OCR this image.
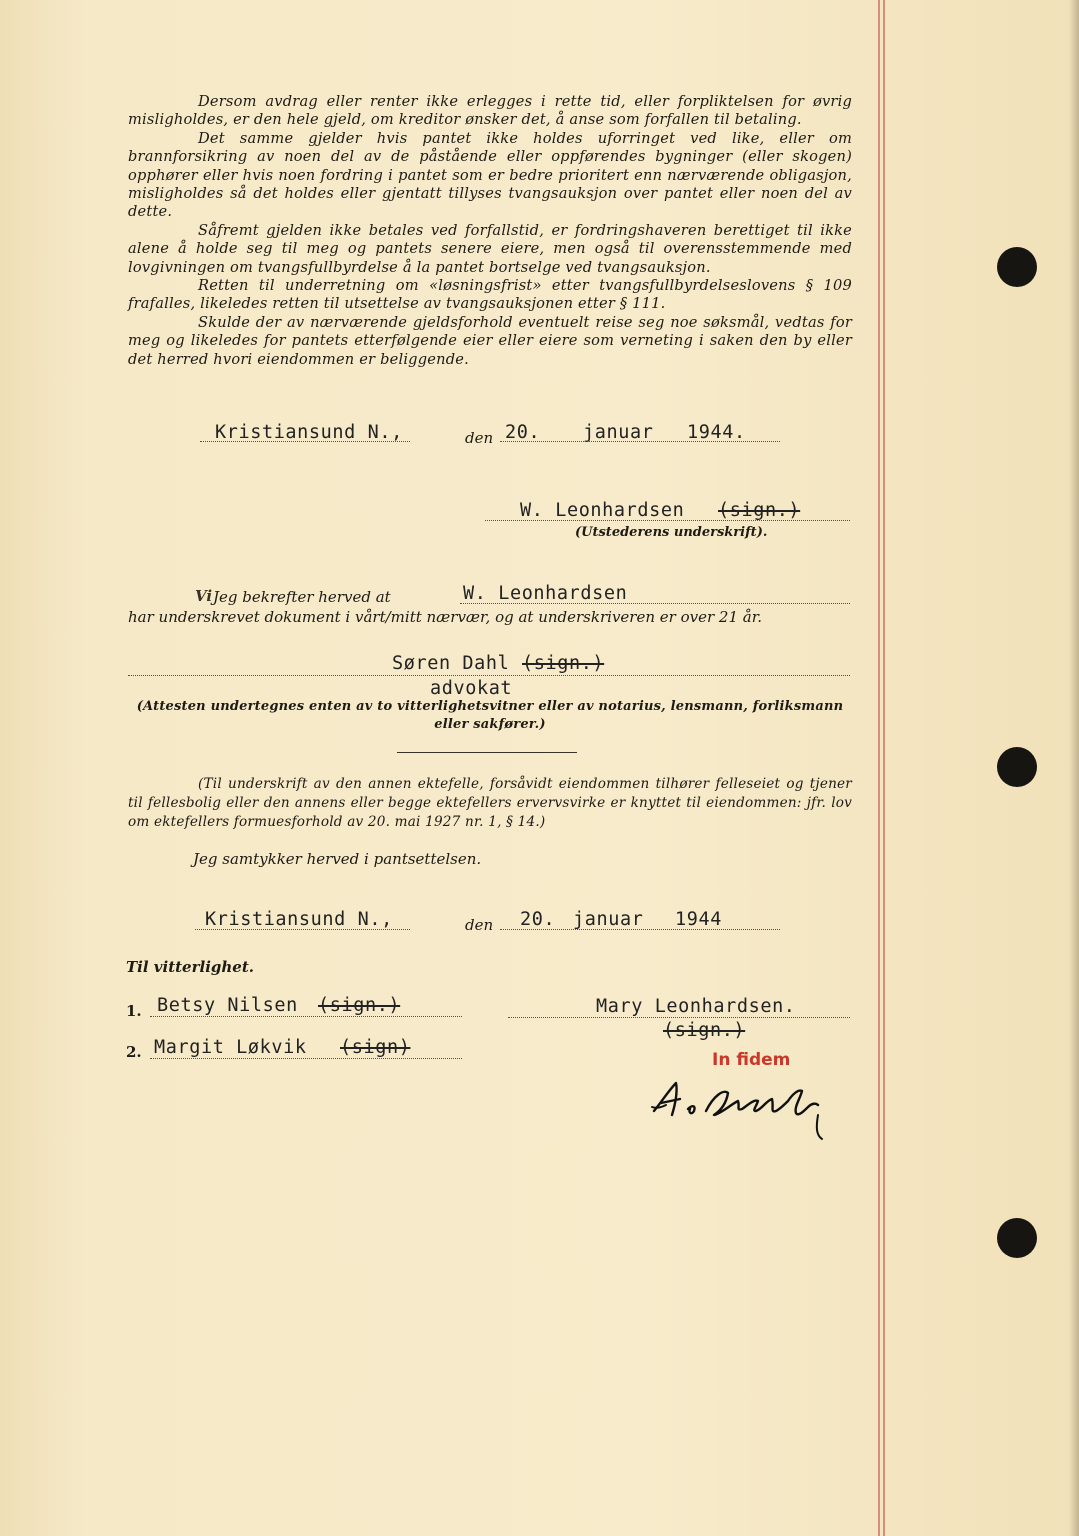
Dersom avdrag eller renter ikke erlegges i rette tid, eller forpliktelsen for øvrig misligholdes, er den hele gjeld, om kreditor ønsker det, å anse som forfallen til betaling.

Det samme gjelder hvis pantet ikke holdes uforringet ved like, eller om brannforsikring av noen del av de påstående eller oppførendes bygninger (eller skogen) opphører eller hvis noen fordring i pantet som er bedre prioritert enn nærværende obligasjon, misligholdes så det holdes eller gjentatt tillyses tvangsauksjon over pantet eller noen del av dette.

Såfremt gjelden ikke betales ved forfallstid, er fordringshaveren berettiget til ikke alene å holde seg til meg og pantets senere eiere, men også til overensstemmende med lovgivningen om tvangsfullbyrdelse å la pantet bortselge ved tvangsauksjon.

Retten til underretning om «løsningsfrist» etter tvangsfullbyrdelseslovens § 109 frafalles, likeledes retten til utsettelse av tvangsauksjonen etter § 111.

Skulde der av nærværende gjeldsforhold eventuelt reise seg noe søksmål, vedtas for meg og likeledes for pantets etterfølgende eier eller eiere som verneting i saken den by eller det herred hvori eiendommen er beliggende.

Kristiansund N.,	den 20. januar 1944.
W. Leonhardsen (sign.)
(Utstederens underskrift).
Vi Jeg bekrefter herved at	W. Leonhardsen
har underskrevet dokument i vårt/mitt nærvær, og at underskriveren er over 21 år.
Søren Dahl (sign.)
advokat

(Attesten undertegnes enten av to vitterlighetsvitner eller av notarius, lensmann, forliksmann eller sakfører.)

(Til underskrift av den annen ektefelle, forsåvidt eiendommen tilhører felleseiet og tjener til fellesbolig eller den annens eller begge ektefellers ervervsvirke er knyttet til eiendommen: jfr. lov om ektefellers formuesforhold av 20. mai 1927 nr. 1, § 14.)

Jeg samtykker herved i pantsettelsen.
Kristiansund N.,	den 20. januar 1944
Til vitterlighet.
1. Betsy Nilsen (sign.)
2. Margit Løkvik (sign)
Mary Leonhardsen.
(sign.)
In fidem
